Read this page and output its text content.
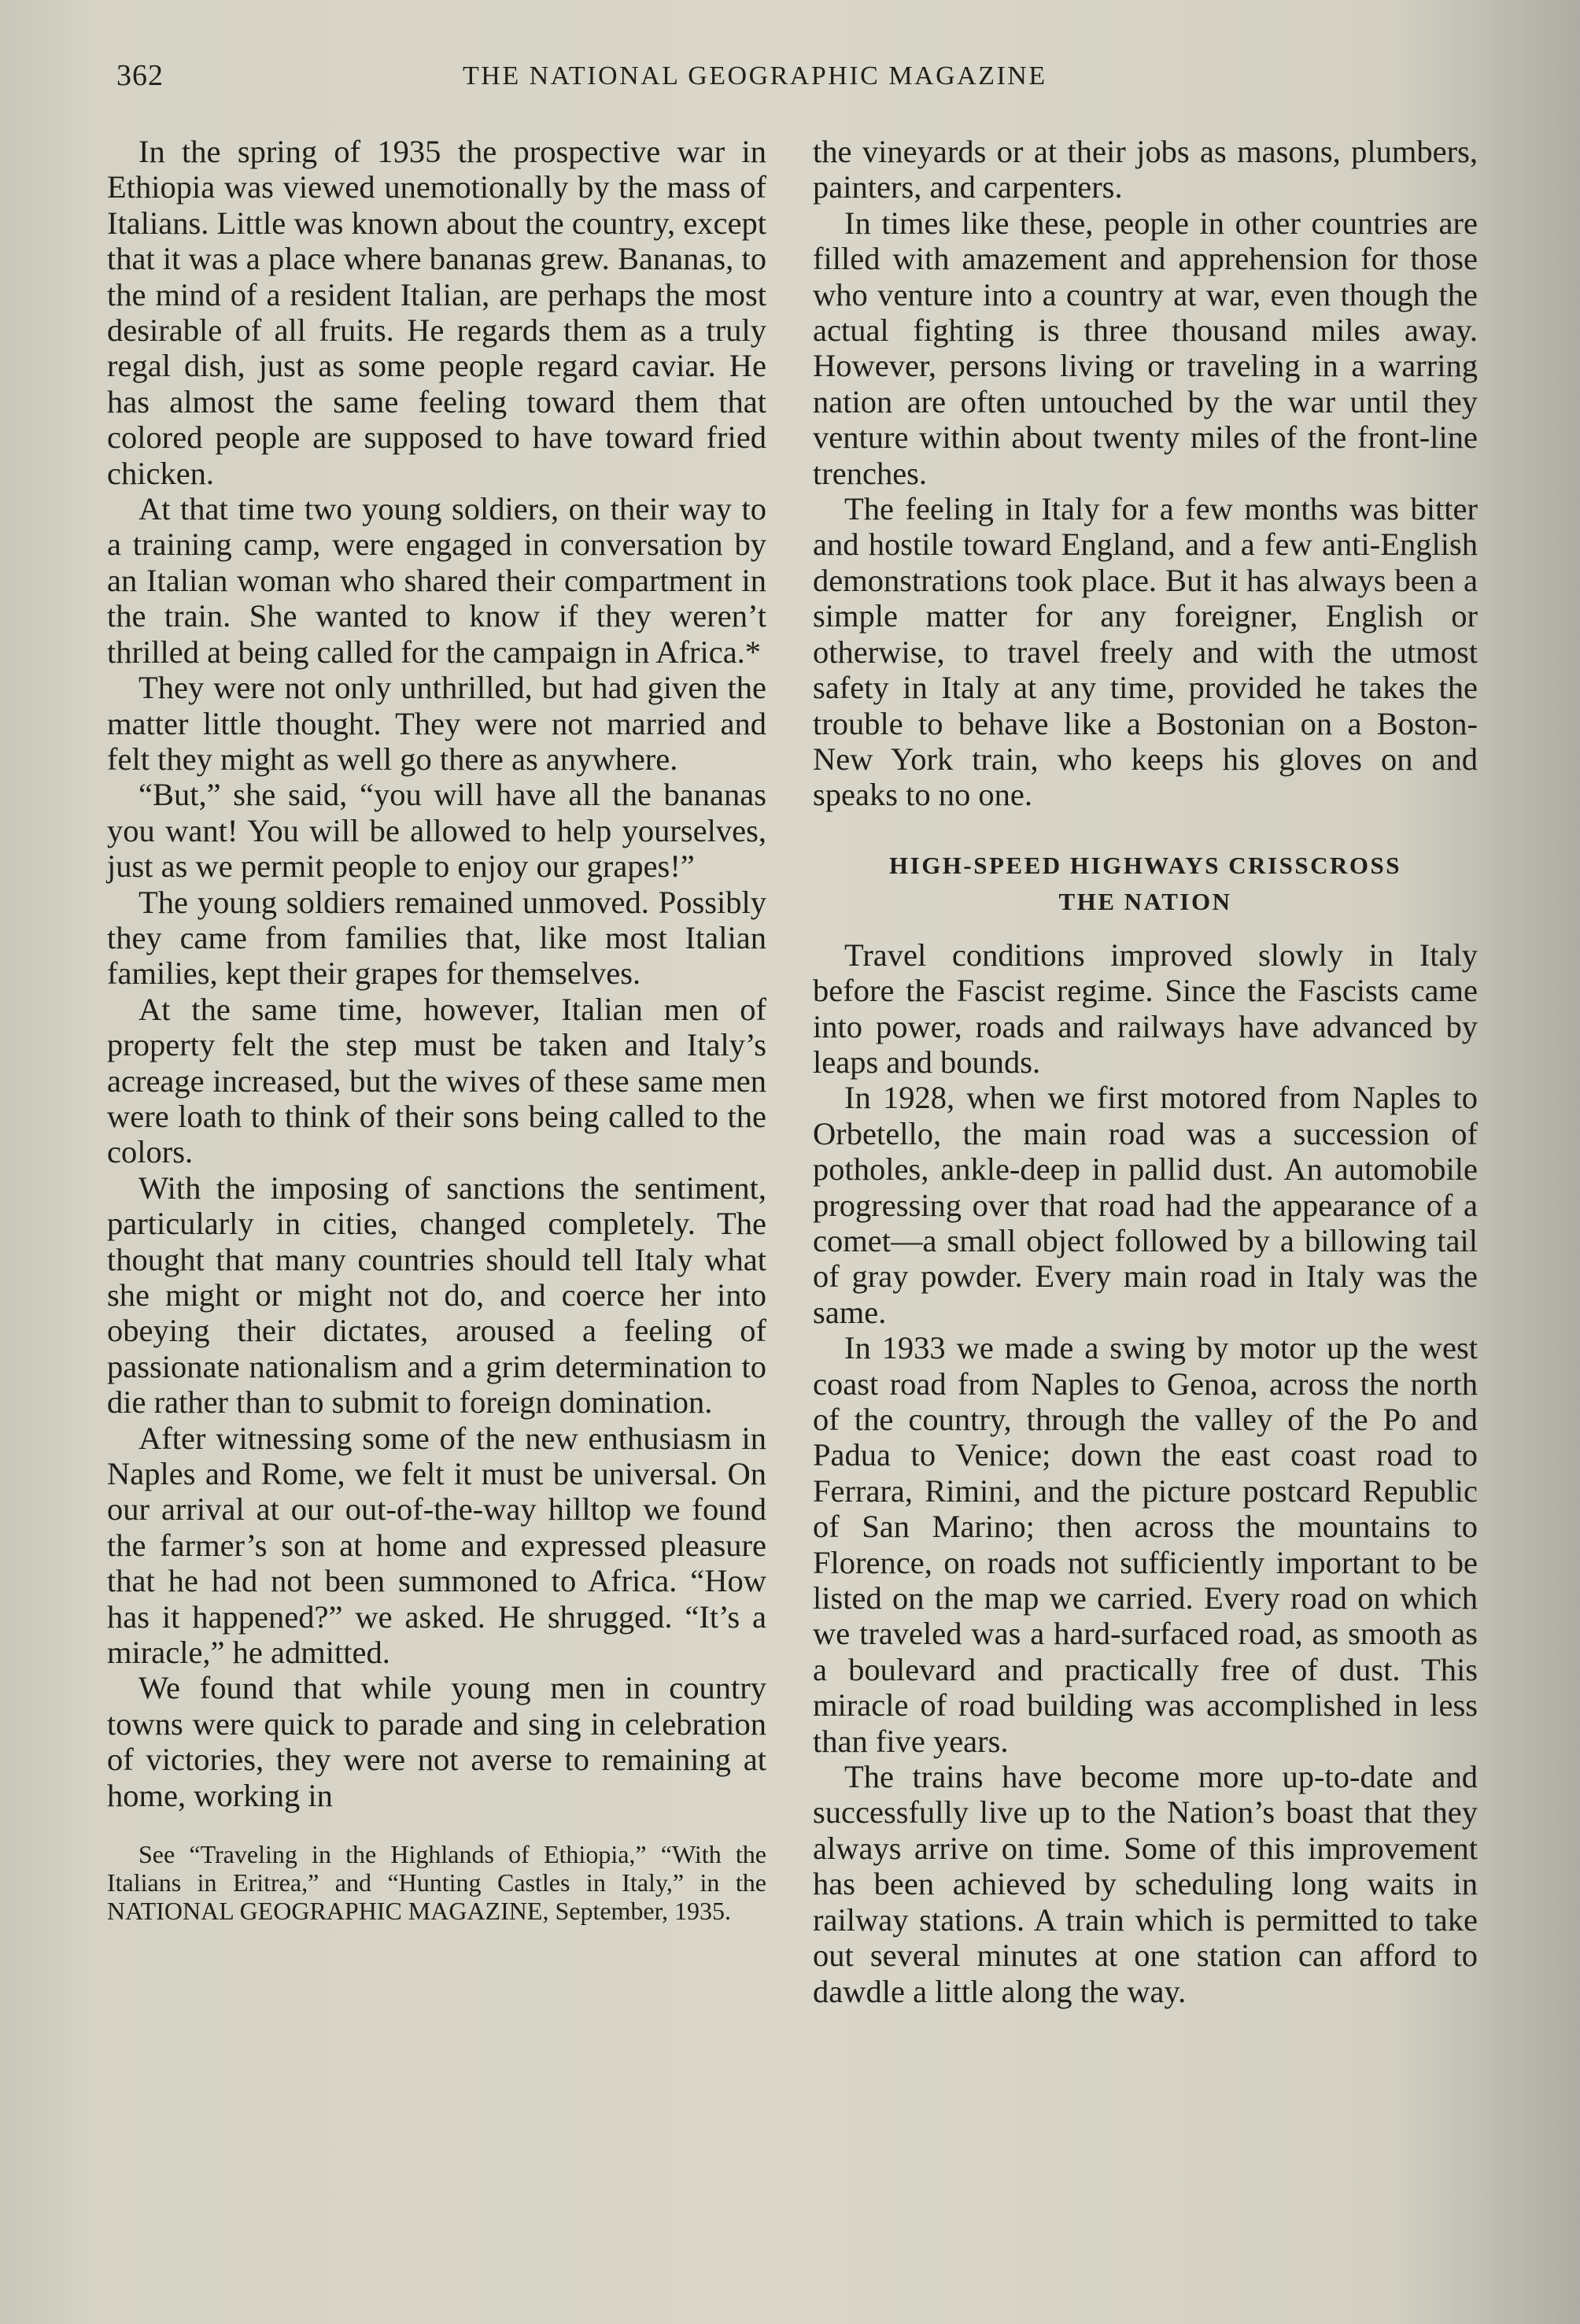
362	THE NATIONAL GEOGRAPHIC MAGAZINE

In the spring of 1935 the prospective war in Ethiopia was viewed unemotionally by the mass of Italians. Little was known about the country, except that it was a place where bananas grew. Bananas, to the mind of a resident Italian, are perhaps the most desirable of all fruits. He regards them as a truly regal dish, just as some people regard caviar. He has almost the same feeling toward them that colored people are supposed to have toward fried chicken.

At that time two young soldiers, on their way to a training camp, were engaged in conversation by an Italian woman who shared their compartment in the train. She wanted to know if they weren’t thrilled at being called for the campaign in Africa.*

They were not only unthrilled, but had given the matter little thought. They were not married and felt they might as well go there as anywhere.

“But,” she said, “you will have all the bananas you want! You will be allowed to help yourselves, just as we permit people to enjoy our grapes!”

The young soldiers remained unmoved. Possibly they came from families that, like most Italian families, kept their grapes for themselves.

At the same time, however, Italian men of property felt the step must be taken and Italy’s acreage increased, but the wives of these same men were loath to think of their sons being called to the colors.

With the imposing of sanctions the sentiment, particularly in cities, changed completely. The thought that many countries should tell Italy what she might or might not do, and coerce her into obeying their dictates, aroused a feeling of passionate nationalism and a grim determination to die rather than to submit to foreign domination.

After witnessing some of the new enthusiasm in Naples and Rome, we felt it must be universal. On our arrival at our out-of-the-way hilltop we found the farmer’s son at home and expressed pleasure that he had not been summoned to Africa. “How has it happened?” we asked. He shrugged. “It’s a miracle,” he admitted.

We found that while young men in country towns were quick to parade and sing in celebration of victories, they were not averse to remaining at home, working in

See “Traveling in the Highlands of Ethiopia,” “With the Italians in Eritrea,” and “Hunting Castles in Italy,” in the NATIONAL GEOGRAPHIC MAGAZINE, September, 1935.

the vineyards or at their jobs as masons, plumbers, painters, and carpenters.

In times like these, people in other countries are filled with amazement and apprehension for those who venture into a country at war, even though the actual fighting is three thousand miles away. However, persons living or traveling in a warring nation are often untouched by the war until they venture within about twenty miles of the front-line trenches.

The feeling in Italy for a few months was bitter and hostile toward England, and a few anti-English demonstrations took place. But it has always been a simple matter for any foreigner, English or otherwise, to travel freely and with the utmost safety in Italy at any time, provided he takes the trouble to behave like a Bostonian on a Boston-New York train, who keeps his gloves on and speaks to no one.

HIGH-SPEED HIGHWAYS CRISSCROSS
THE NATION

Travel conditions improved slowly in Italy before the Fascist regime. Since the Fascists came into power, roads and railways have advanced by leaps and bounds.

In 1928, when we first motored from Naples to Orbetello, the main road was a succession of potholes, ankle-deep in pallid dust. An automobile progressing over that road had the appearance of a comet—a small object followed by a billowing tail of gray powder. Every main road in Italy was the same.

In 1933 we made a swing by motor up the west coast road from Naples to Genoa, across the north of the country, through the valley of the Po and Padua to Venice; down the east coast road to Ferrara, Rimini, and the picture postcard Republic of San Marino; then across the mountains to Florence, on roads not sufficiently important to be listed on the map we carried. Every road on which we traveled was a hard-surfaced road, as smooth as a boulevard and practically free of dust. This miracle of road building was accomplished in less than five years.

The trains have become more up-to-date and successfully live up to the Nation’s boast that they always arrive on time. Some of this improvement has been achieved by scheduling long waits in railway stations. A train which is permitted to take out several minutes at one station can afford to dawdle a little along the way.
